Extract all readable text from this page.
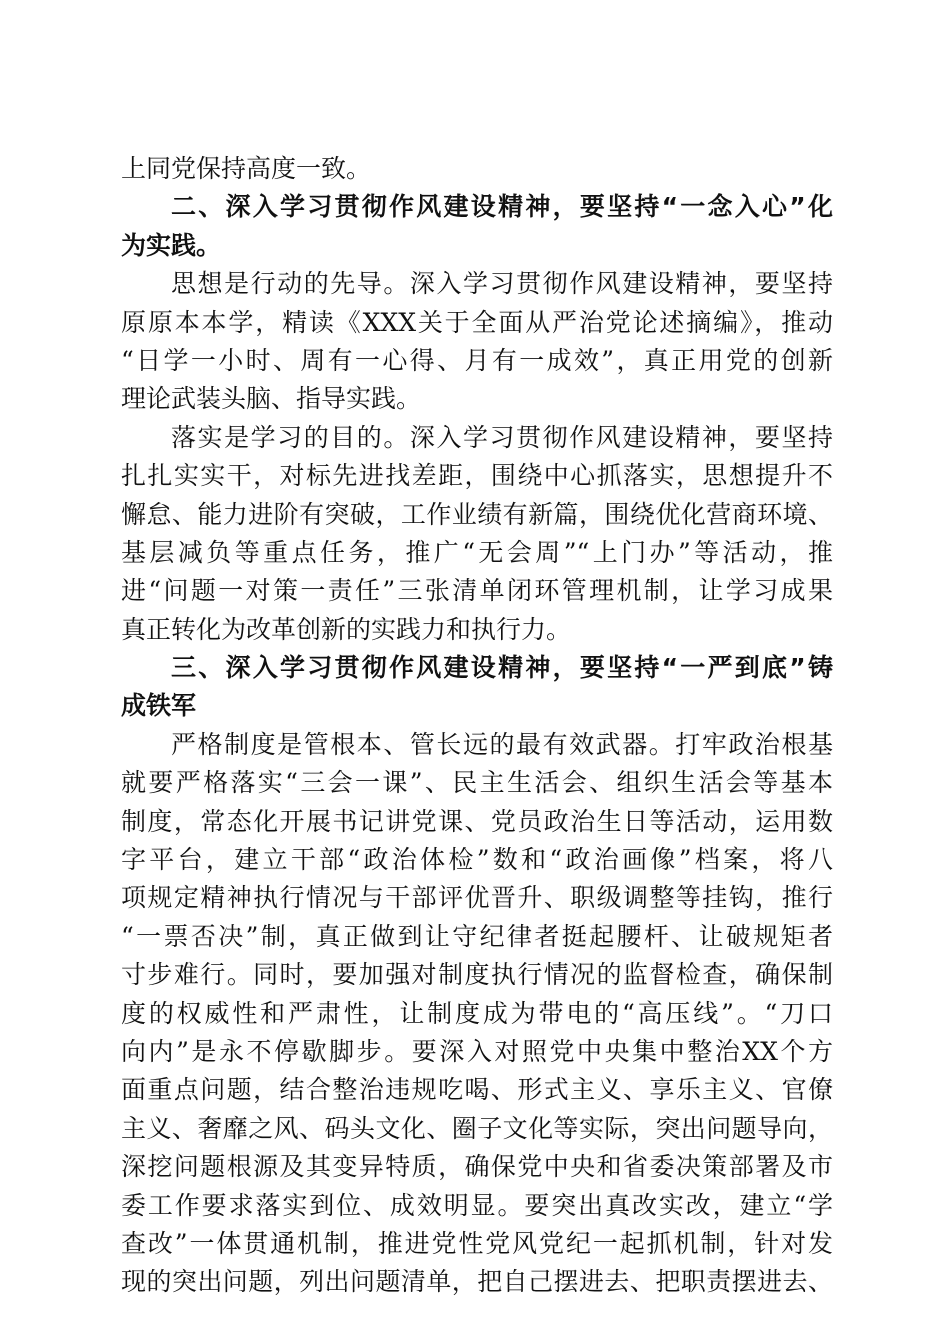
上同党保持高度一致。
二、深入学习贯彻作风建设精神，要坚持“一念入心”化
为实践。
思想是行动的先导。深入学习贯彻作风建设精神，要坚持
原原本本学，精读《XXX关于全面从严治党论述摘编》，推动
“日学一小时、周有一心得、月有一成效”，真正用党的创新
理论武装头脑、指导实践。
落实是学习的目的。深入学习贯彻作风建设精神，要坚持
扎扎实实干，对标先进找差距，围绕中心抓落实，思想提升不
懈怠、能力进阶有突破，工作业绩有新篇，围绕优化营商环境、
基层减负等重点任务，推广“无会周”“上门办”等活动，推
进“问题一对策一责任”三张清单闭环管理机制，让学习成果
真正转化为改革创新的实践力和执行力。
三、深入学习贯彻作风建设精神，要坚持“一严到底”铸
成铁军
严格制度是管根本、管长远的最有效武器。打牢政治根基
就要严格落实“三会一课”、民主生活会、组织生活会等基本
制度，常态化开展书记讲党课、党员政治生日等活动，运用数
字平台，建立干部“政治体检”数和“政治画像”档案，将八
项规定精神执行情况与干部评优晋升、职级调整等挂钩，推行
“一票否决”制，真正做到让守纪律者挺起腰杆、让破规矩者
寸步难行。同时，要加强对制度执行情况的监督检查，确保制
度的权威性和严肃性，让制度成为带电的“高压线”。“刀口
向内”是永不停歇脚步。要深入对照党中央集中整治XX个方
面重点问题，结合整治违规吃喝、形式主义、享乐主义、官僚
主义、奢靡之风、码头文化、圈子文化等实际，突出问题导向，
深挖问题根源及其变异特质，确保党中央和省委决策部署及市
委工作要求落实到位、成效明显。要突出真改实改，建立“学
查改”一体贯通机制，推进党性党风党纪一起抓机制，针对发
现的突出问题，列出问题清单，把自己摆进去、把职责摆进去、
